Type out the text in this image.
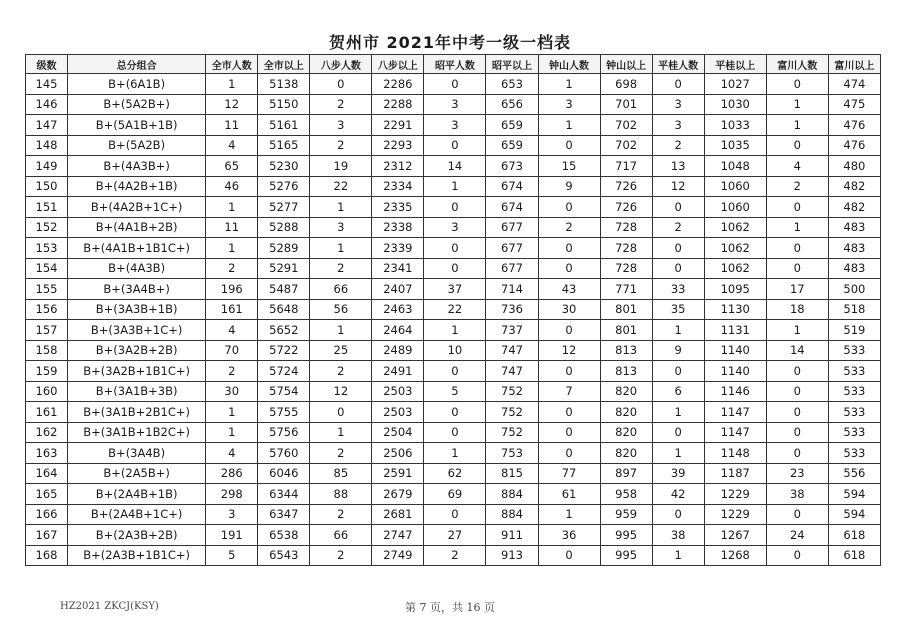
贺州市 2021年中考一级一档表
级数	总分组合	全市人数	全市以上	八步人数	八步以上	昭平人数	昭平以上	钟山人数	钟山以上	平桂人数	平桂以上	富川人数	富川以上
145	B+(6A1B)	1	5138	0	2286	0	653	1	698	0	1027	0	474
146	B+(5A2B+)	12	5150	2	2288	3	656	3	701	3	1030	1	475
147	B+(5A1B+1B)	11	5161	3	2291	3	659	1	702	3	1033	1	476
148	B+(5A2B)	4	5165	2	2293	0	659	0	702	2	1035	0	476
149	B+(4A3B+)	65	5230	19	2312	14	673	15	717	13	1048	4	480
150	B+(4A2B+1B)	46	5276	22	2334	1	674	9	726	12	1060	2	482
151	B+(4A2B+1C+)	1	5277	1	2335	0	674	0	726	0	1060	0	482
152	B+(4A1B+2B)	11	5288	3	2338	3	677	2	728	2	1062	1	483
153	B+(4A1B+1B1C+)	1	5289	1	2339	0	677	0	728	0	1062	0	483
154	B+(4A3B)	2	5291	2	2341	0	677	0	728	0	1062	0	483
155	B+(3A4B+)	196	5487	66	2407	37	714	43	771	33	1095	17	500
156	B+(3A3B+1B)	161	5648	56	2463	22	736	30	801	35	1130	18	518
157	B+(3A3B+1C+)	4	5652	1	2464	1	737	0	801	1	1131	1	519
158	B+(3A2B+2B)	70	5722	25	2489	10	747	12	813	9	1140	14	533
159	B+(3A2B+1B1C+)	2	5724	2	2491	0	747	0	813	0	1140	0	533
160	B+(3A1B+3B)	30	5754	12	2503	5	752	7	820	6	1146	0	533
161	B+(3A1B+2B1C+)	1	5755	0	2503	0	752	0	820	1	1147	0	533
162	B+(3A1B+1B2C+)	1	5756	1	2504	0	752	0	820	0	1147	0	533
163	B+(3A4B)	4	5760	2	2506	1	753	0	820	1	1148	0	533
164	B+(2A5B+)	286	6046	85	2591	62	815	77	897	39	1187	23	556
165	B+(2A4B+1B)	298	6344	88	2679	69	884	61	958	42	1229	38	594
166	B+(2A4B+1C+)	3	6347	2	2681	0	884	1	959	0	1229	0	594
167	B+(2A3B+2B)	191	6538	66	2747	27	911	36	995	38	1267	24	618
168	B+(2A3B+1B1C+)	5	6543	2	2749	2	913	0	995	1	1268	0	618
HZ2021 ZKCJ(KSY)	第 7 页，共 16 页
